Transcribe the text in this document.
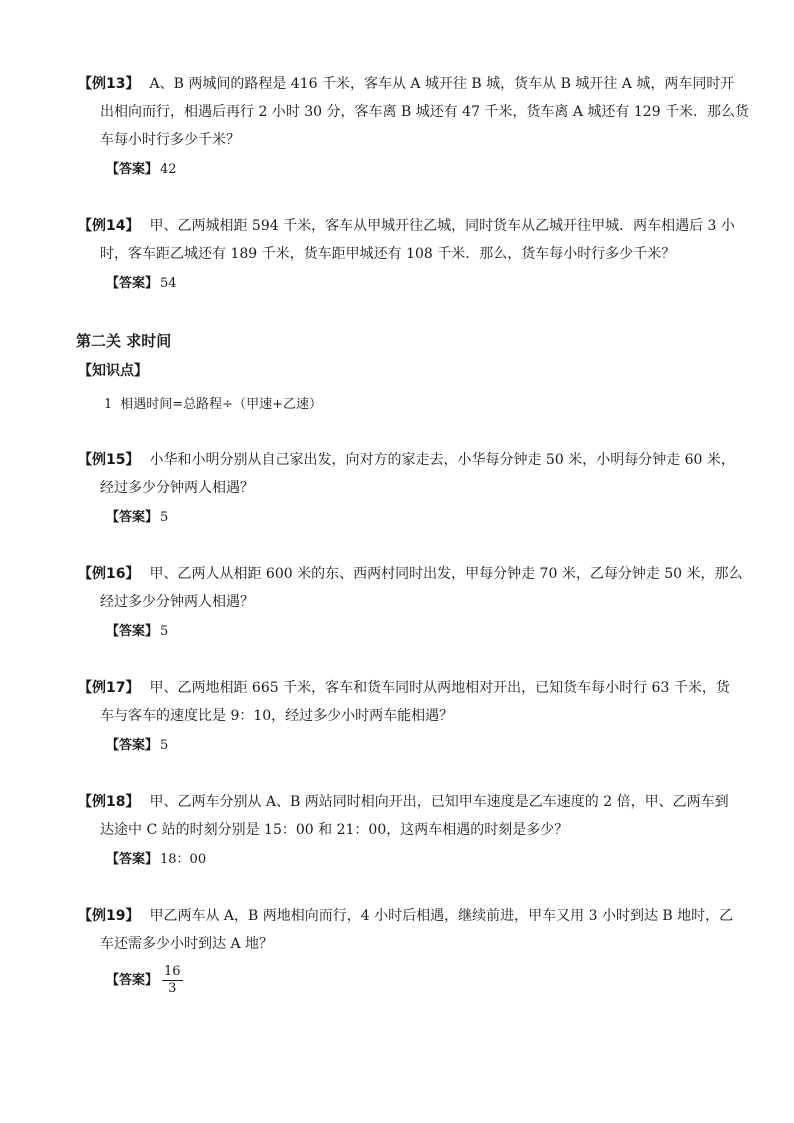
【例13】 A、B 两城间的路程是 416 千米，客车从 A 城开往 B 城，货车从 B 城开往 A 城，两车同时开
出相向而行，相遇后再行 2 小时 30 分，客车离 B 城还有 47 千米，货车离 A 城还有 129 千米．那么货
车每小时行多少千米？
【答案】 42
【例14】 甲、乙两城相距 594 千米，客车从甲城开往乙城，同时货车从乙城开往甲城．两车相遇后 3 小
时，客车距乙城还有 189 千米，货车距甲城还有 108 千米．那么，货车每小时行多少千米？
【答案】 54
第二关 求时间
【知识点】
1 相遇时间=总路程÷（甲速+乙速）
【例15】 小华和小明分别从自己家出发，向对方的家走去，小华每分钟走 50 米，小明每分钟走 60 米，
经过多少分钟两人相遇？
【答案】 5
【例16】 甲、乙两人从相距 600 米的东、西两村同时出发，甲每分钟走 70 米，乙每分钟走 50 米，那么
经过多少分钟两人相遇？
【答案】 5
【例17】 甲、乙两地相距 665 千米，客车和货车同时从两地相对开出，已知货车每小时行 63 千米，货
车与客车的速度比是 9：10，经过多少小时两车能相遇？
【答案】 5
【例18】 甲、乙两车分别从 A、B 两站同时相向开出，已知甲车速度是乙车速度的 2 倍，甲、乙两车到
达途中 C 站的时刻分别是 15：00 和 21：00，这两车相遇的时刻是多少？
【答案】 18：00
【例19】 甲乙两车从 A，B 两地相向而行，4 小时后相遇，继续前进，甲车又用 3 小时到达 B 地时，乙
车还需多少小时到达 A 地？
【答案】 $\frac{16}{3}$
